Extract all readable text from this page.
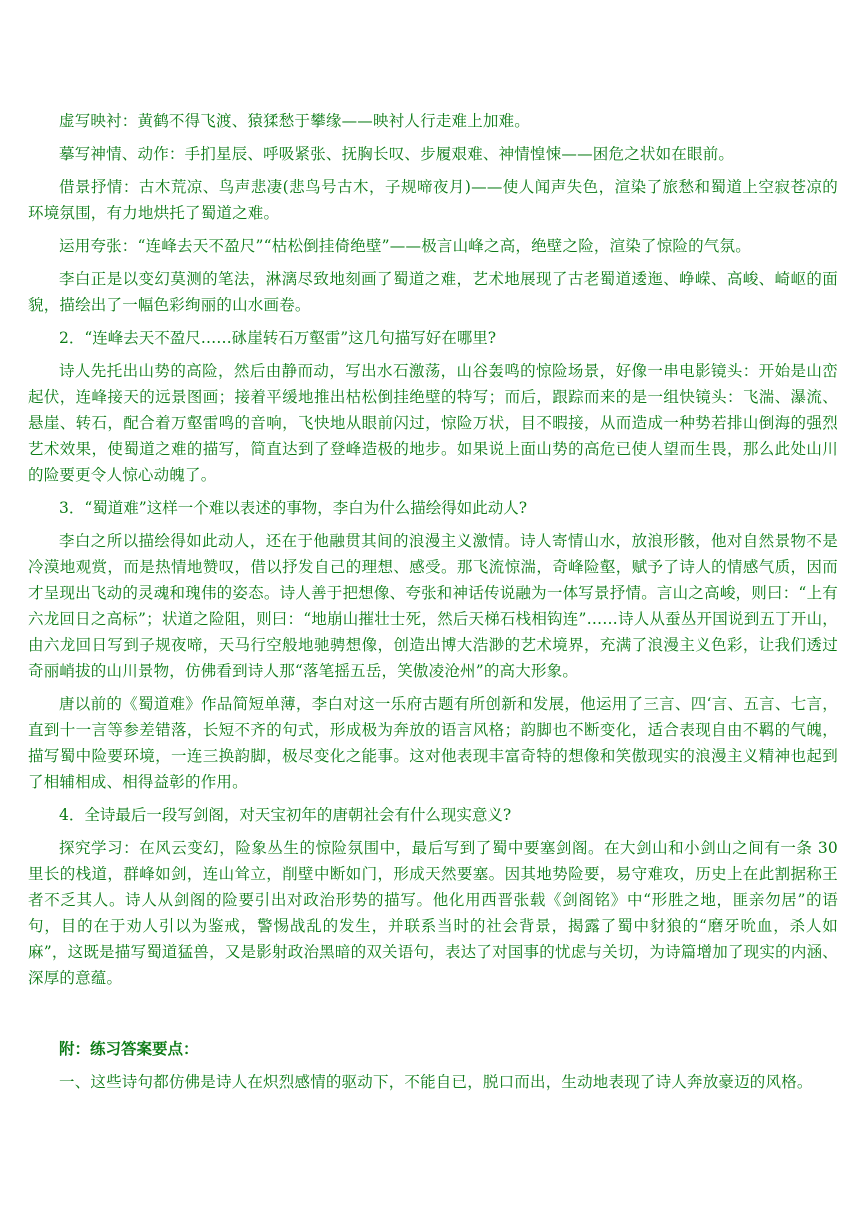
虚写映衬：黄鹤不得飞渡、猿猱愁于攀缘——映衬人行走难上加难。

摹写神情、动作：手扪星辰、呼吸紧张、抚胸长叹、步履艰难、神情惶悚——困危之状如在眼前。

借景抒情：古木荒凉、鸟声悲凄(悲鸟号古木，子规啼夜月)——使人闻声失色，渲染了旅愁和蜀道上空寂苍凉的环境氛围，有力地烘托了蜀道之难。

运用夸张：“连峰去天不盈尺”“枯松倒挂倚绝壁”——极言山峰之高，绝壁之险，渲染了惊险的气氛。

李白正是以变幻莫测的笔法，淋漓尽致地刻画了蜀道之难，艺术地展现了古老蜀道逶迤、峥嵘、高峻、崎岖的面貌，描绘出了一幅色彩绚丽的山水画卷。

2．“连峰去天不盈尺……砯崖转石万壑雷”这几句描写好在哪里?

诗人先托出山势的高险，然后由静而动，写出水石激荡，山谷轰鸣的惊险场景，好像一串电影镜头：开始是山峦起伏，连峰接天的远景图画；接着平缓地推出枯松倒挂绝壁的特写；而后，跟踪而来的是一组快镜头：飞湍、瀑流、悬崖、转石，配合着万壑雷鸣的音响，飞快地从眼前闪过，惊险万状，目不暇接，从而造成一种势若排山倒海的强烈艺术效果，使蜀道之难的描写，简直达到了登峰造极的地步。如果说上面山势的高危已使人望而生畏，那么此处山川的险要更令人惊心动魄了。

3．“蜀道难”这样一个难以表述的事物，李白为什么描绘得如此动人?

李白之所以描绘得如此动人，还在于他融贯其间的浪漫主义激情。诗人寄情山水，放浪形骸，他对自然景物不是冷漠地观赏，而是热情地赞叹，借以抒发自己的理想、感受。那飞流惊湍，奇峰险壑，赋予了诗人的情感气质，因而才呈现出飞动的灵魂和瑰伟的姿态。诗人善于把想像、夸张和神话传说融为一体写景抒情。言山之高峻，则曰：“上有六龙回日之高标”；状道之险阻，则曰：“地崩山摧壮士死，然后天梯石栈相钩连”……诗人从蚕丛开国说到五丁开山，由六龙回日写到子规夜啼，天马行空般地驰骋想像，创造出博大浩渺的艺术境界，充满了浪漫主义色彩，让我们透过奇丽峭拔的山川景物，仿佛看到诗人那“落笔摇五岳，笑傲凌沧州”的高大形象。

唐以前的《蜀道难》作品简短单薄，李白对这一乐府古题有所创新和发展，他运用了三言、四‘言、五言、七言，直到十一言等参差错落，长短不齐的句式，形成极为奔放的语言风格；韵脚也不断变化，适合表现自由不羁的气魄，描写蜀中险要环境，一连三换韵脚，极尽变化之能事。这对他表现丰富奇特的想像和笑傲现实的浪漫主义精神也起到了相辅相成、相得益彰的作用。

4．全诗最后一段写剑阁，对天宝初年的唐朝社会有什么现实意义?

探究学习：在风云变幻，险象丛生的惊险氛围中，最后写到了蜀中要塞剑阁。在大剑山和小剑山之间有一条 30 里长的栈道，群峰如剑，连山耸立，削壁中断如门，形成天然要塞。因其地势险要，易守难攻，历史上在此割据称王者不乏其人。诗人从剑阁的险要引出对政治形势的描写。他化用西晋张载《剑阁铭》中“形胜之地，匪亲勿居”的语句，目的在于劝人引以为鉴戒，警惕战乱的发生，并联系当时的社会背景，揭露了蜀中豺狼的“磨牙吮血，杀人如麻”，这既是描写蜀道猛兽，又是影射政治黑暗的双关语句，表达了对国事的忧虑与关切，为诗篇增加了现实的内涵、深厚的意蕴。

附：练习答案要点：

一、这些诗句都仿佛是诗人在炽烈感情的驱动下，不能自已，脱口而出，生动地表现了诗人奔放豪迈的风格。
